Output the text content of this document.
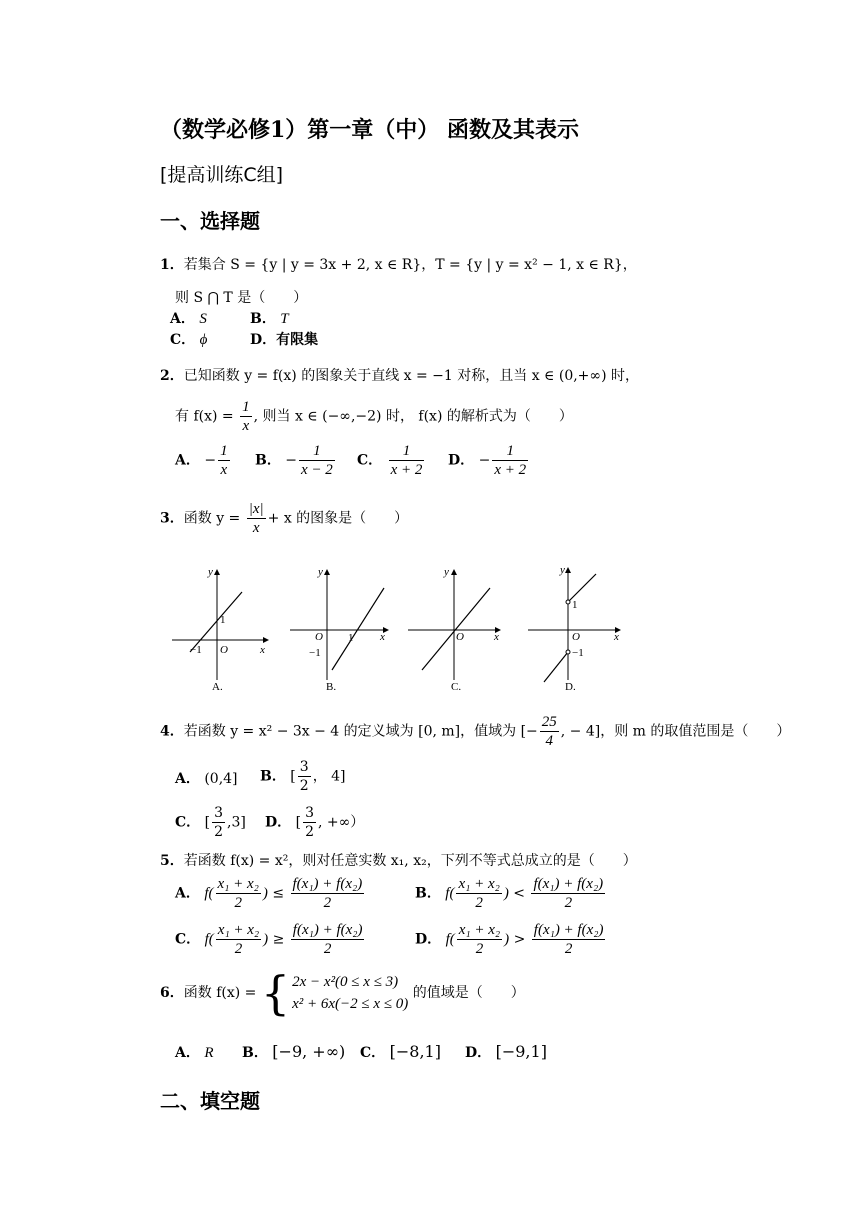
（数学必修1）第一章（中） 函数及其表示
[提高训练C组]
一、选择题
1．若集合 S = {y | y = 3x + 2, x ∈ R}，T = {y | y = x² − 1, x ∈ R}，
则 S ⋂ T 是（　　）
A． S	B． T
C． ϕ	D．有限集
2．已知函数 y = f(x) 的图象关于直线 x = −1 对称，且当 x ∈ (0,+∞) 时，
有 $f(x) = \frac{1}{x}$ , 则当 x ∈ (−∞,−2) 时， f(x) 的解析式为（　　）
A． − $\frac{1}{x}$ B． − $\frac{1}{x - 2}$ C． $\frac{1}{x + 2}$ D． − $\frac{1}{x + 2}$
3．函数 $y = \frac{|x|}{x} + x$ 的图象是（　　）
y
x
O
1
−1
A.
y
x
O 1
−1
B.
y
x
O
C.
y
x
O
1
−1
D.
4．若函数 y = x² − 3x − 4 的定义域为 [0, m]，值域为 [− $\frac{25}{4}$ , − 4]，则 m 的取值范围是（　　）
A． (0,4] B． [ $\frac{3}{2}$ ， 4]
C． [ $\frac{3}{2} ,3$] D． [ $\frac{3}{2}$ , +∞）
5．若函数 f(x) = x²，则对任意实数 x₁, x₂，下列不等式总成立的是（　　）
A． $f( \frac{\text{x₁ + x₂}}{2}$ ) ≤ $\frac{\text{f(x₁) + f(x₂)}}{2}$	B． $f( \frac{\text{x₁ + x₂}}{2}$ ) < $\frac{\text{f(x₁) + f(x₂)}}{2}$
C． $f( \frac{\text{x₁ + x₂}}{2}$ ) ≥ $\frac{\text{f(x₁) + f(x₂)}}{2}$	D． $f( \frac{\text{x₁ + x₂}}{2}$ ) > $\frac{\text{f(x₁) + f(x₂)}}{2}$
6．函数 f(x) = { 2x − x²(0 ≤ x ≤ 3)
x² + 6x(−2 ≤ x ≤ 0)
的值域是（　　）
A． R B． [−9, +∞) C． [−8,1] D． [−9,1]
二、填空题
